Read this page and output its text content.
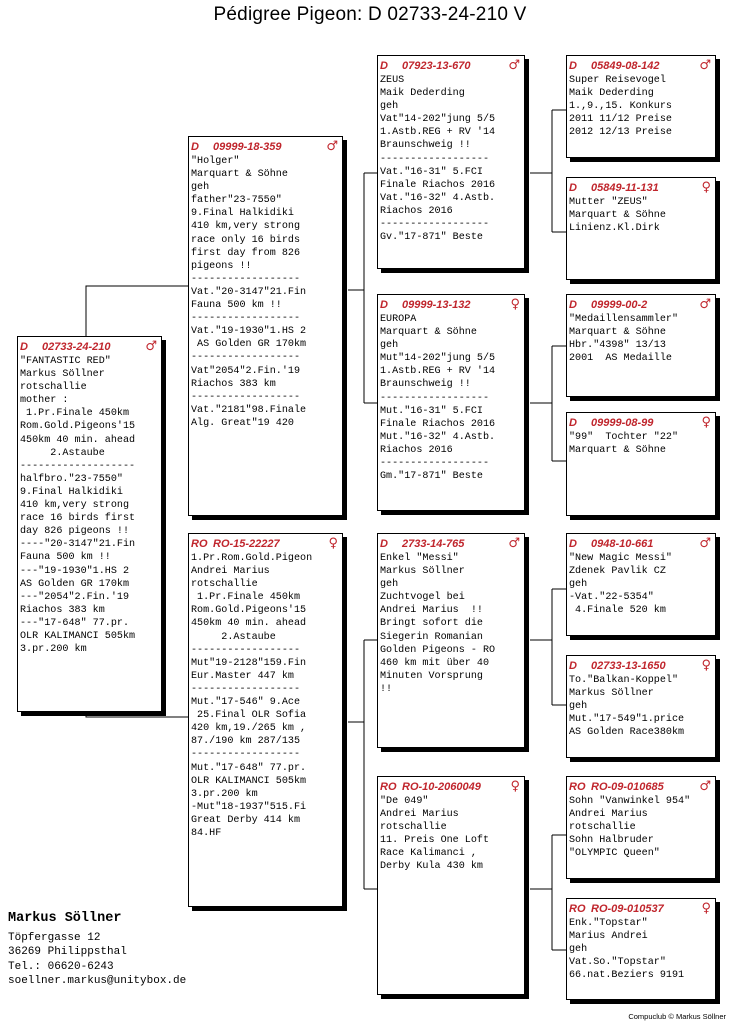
Pédigree Pigeon: D 02733-24-210 V
D	02733-24-210	♂
"FANTASTIC RED"
Markus Söllner
rotschallie
mother :
1.Pr.Finale 450km
Rom.Gold.Pigeons'15
450km 40 min. ahead
2.Astaube
-------------------
halfbro."23-7550"
9.Final Halkidiki
410 km,very strong
race 16 birds first
day 826 pigeons !!
----"20-3147"21.Fin
Fauna 500 km !!
---"19-1930"1.HS 2
AS Golden GR 170km
---"2054"2.Fin.'19
Riachos 383 km
---"17-648" 77.pr.
OLR KALIMANCI 505km
3.pr.200 km
D	09999-18-359	♂
"Holger"
Marquart & Söhne
geh
father"23-7550"
9.Final Halkidiki
410 km,very strong
race only 16 birds
first day from 826
pigeons !!
------------------
Vat."20-3147"21.Fin
Fauna 500 km !!
------------------
Vat."19-1930"1.HS 2
AS Golden GR 170km
------------------
Vat"2054"2.Fin.'19
Riachos 383 km
------------------
Vat."2181"98.Finale
Alg. Great"19 420
RO RO-15-22227	♀
1.Pr.Rom.Gold.Pigeon
Andrei Marius
rotschallie
1.Pr.Finale 450km
Rom.Gold.Pigeons'15
450km 40 min. ahead
2.Astaube
------------------
Mut"19-2128"159.Fin
Eur.Master 447 km
------------------
Mut."17-546" 9.Ace
25.Final OLR Sofia
420 km,19./265 km ,
87./190 km 287/135
------------------
Mut."17-648" 77.pr.
OLR KALIMANCI 505km
3.pr.200 km
-Mut"18-1937"515.Fi
Great Derby 414 km
84.HF
D	07923-13-670	♂
ZEUS
Maik Dederding
geh
Vat"14-202"jung 5/5
1.Astb.REG + RV '14
Braunschweig !!
------------------
Vat."16-31" 5.FCI
Finale Riachos 2016
Vat."16-32" 4.Astb.
Riachos 2016
------------------
Gv."17-871" Beste
D	09999-13-132	♀
EUROPA
Marquart & Söhne
geh
Mut"14-202"jung 5/5
1.Astb.REG + RV '14
Braunschweig !!
------------------
Mut."16-31" 5.FCI
Finale Riachos 2016
Mut."16-32" 4.Astb.
Riachos 2016
------------------
Gm."17-871" Beste
D	2733-14-765	♂
Enkel "Messi"
Markus Söllner
geh
Zuchtvogel bei
Andrei Marius  !!
Bringt sofort die
Siegerin Romanian
Golden Pigeons - RO
460 km mit über 40
Minuten Vorsprung
!!
RO RO-10-2060049	♀
"De 049"
Andrei Marius
rotschallie
11. Preis One Loft
Race Kalimanci ,
Derby Kula 430 km
D	05849-08-142	♂
Super Reisevogel
Maik Dederding
1.,9.,15. Konkurs
2011 11/12 Preise
2012 12/13 Preise
D	05849-11-131	♀
Mutter "ZEUS"
Marquart & Söhne
Linienz.Kl.Dirk
D	09999-00-2	♂
"Medaillensammler"
Marquart & Söhne
Hbr."4398" 13/13
2001  AS Medaille
D	09999-08-99	♀
"99"  Tochter "22"
Marquart & Söhne
D	0948-10-661	♂
"New Magic Messi"
Zdenek Pavlik CZ
geh
-Vat."22-5354"
4.Finale 520 km
D	02733-13-1650	♀
To."Balkan-Koppel"
Markus Söllner
geh
Mut."17-549"1.price
AS Golden Race380km
RO RO-09-010685	♂
Sohn "Vanwinkel 954"
Andrei Marius
rotschallie
Sohn Halbruder
"OLYMPIC Queen"
RO RO-09-010537	♀
Enk."Topstar"
Marius Andrei
geh
Vat.So."Topstar"
66.nat.Beziers 9191
Markus Söllner
Töpfergasse 12
36269 Philippsthal
Tel.: 06620-6243
soellner.markus@unitybox.de
Compuclub © Markus Söllner
